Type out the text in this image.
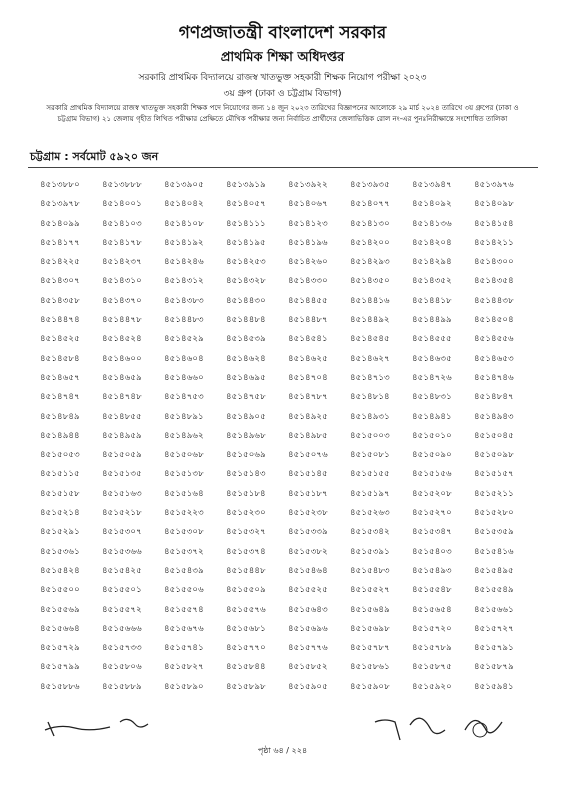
গণপ্রজাতন্ত্রী বাংলাদেশ সরকার
প্রাথমিক শিক্ষা অধিদপ্তর
সরকারি প্রাথমিক বিদ্যালয়ে রাজস্ব খাতভুক্ত সহকারী শিক্ষক নিয়োগ পরীক্ষা ২০২৩
৩য় গ্রুপ (ঢাকা ও চট্টগ্রাম বিভাগ)
সরকারি প্রাথমিক বিদ্যালয়ে রাজস্ব খাতভুক্ত সহকারী শিক্ষক পদে নিয়োগের জন্য ১৪ জুন ২০২৩ তারিখের বিজ্ঞাপনের আলোকে ২৯ মার্চ ২০২৪ তারিখে ৩য় গ্রুপের (ঢাকা ও চট্টগ্রাম বিভাগ) ২১ জেলায় গৃহীত লিখিত পরীক্ষার প্রেক্ষিতে মৌখিক পরীক্ষার জন্য নির্বাচিত প্রার্থীদের জেলাভিত্তিক রোল নং-এর পুনঃনিরীক্ষান্তে সংশোধিত তালিকা
চট্টগ্রাম : সর্বমোট ৫৯২০ জন
৪৫১৩৮৮০	৪৫১৩৮৮৮	৪৫১৩৯০৫	৪৫১৩৯১৯	৪৫১৩৯২২	৪৫১৩৯৩৫	৪৫১৩৯৪৭	৪৫১৩৯৭৬
৪৫১৩৯৭৮	৪৫১৪০০১	৪৫১৪০৪২	৪৫১৪০৫৭	৪৫১৪০৬৭	৪৫১৪০৭৭	৪৫১৪০৯২	৪৫১৪০৯৮
৪৫১৪০৯৯	৪৫১৪১০৩	৪৫১৪১০৮	৪৫১৪১১১	৪৫১৪১২৩	৪৫১৪১৩০	৪৫১৪১৩৬	৪৫১৪১৫৪
৪৫১৪১৭৭	৪৫১৪১৭৮	৪৫১৪১৯২	৪৫১৪১৯৫	৪৫১৪১৯৬	৪৫১৪২০০	৪৫১৪২০৪	৪৫১৪২১১
৪৫১৪২২৫	৪৫১৪২৩৭	৪৫১৪২৪৬	৪৫১৪২৫৩	৪৫১৪২৬০	৪৫১৪২৯৩	৪৫১৪২৯৪	৪৫১৪৩০০
৪৫১৪৩০৭	৪৫১৪৩১০	৪৫১৪৩১২	৪৫১৪৩২৮	৪৫১৪৩৩০	৪৫১৪৩৫০	৪৫১৪৩৫২	৪৫১৪৩৫৪
৪৫১৪৩৫৮	৪৫১৪৩৭০	৪৫১৪৩৮৩	৪৫১৪৪৩০	৪৫১৪৪৫৫	৪৫১৪৪১৬	৪৫১৪৪১৮	৪৫১৪৪৩৮
৪৫১৪৪৭৪	৪৫১৪৪৭৮	৪৫১৪৪৮৩	৪৫১৪৪৮৪	৪৫১৪৪৮৭	৪৫১৪৪৯২	৪৫১৪৪৯৯	৪৫১৪৫০৪
৪৫১৪৫২৫	৪৫১৪৫২৪	৪৫১৪৫২৯	৪৫১৪৫৩৯	৪৫১৪৫৪১	৪৫১৪৫৪৫	৪৫১৪৫৫৫	৪৫১৪৫৫৬
৪৫১৪৫৮৪	৪৫১৪৬০০	৪৫১৪৬০৪	৪৫১৪৬২৪	৪৫১৪৬২৫	৪৫১৪৬২৭	৪৫১৪৬৩৫	৪৫১৪৬৫৩
৪৫১৪৬৫৭	৪৫১৪৬৫৯	৪৫১৪৬৬০	৪৫১৪৬৯৫	৪৫১৪৭০৪	৪৫১৪৭১৩	৪৫১৪৭২৬	৪৫১৪৭৪৬
৪৫১৪৭৪৭	৪৫১৪৭৪৮	৪৫১৪৭৫৩	৪৫১৪৭৫৮	৪৫১৪৭৮৭	৪৫১৪৮১৪	৪৫১৪৮৩১	৪৫১৪৮৪৭
৪৫১৪৮৪৯	৪৫১৪৮৫৫	৪৫১৪৮৯১	৪৫১৪৯০৫	৪৫১৪৯২৫	৪৫১৪৯৩১	৪৫১৪৯৪১	৪৫১৪৯৪৩
৪৫১৪৯৪৪	৪৫১৪৯৫৯	৪৫১৪৯৬২	৪৫১৪৯৬৮	৪৫১৪৯৮৫	৪৫১৫০০৩	৪৫১৫০১০	৪৫১৫০৪৫
৪৫১৫০৫৩	৪৫১৫০৫৯	৪৫১৫০৬৮	৪৫১৫০৬৯	৪৫১৫০৭৬	৪৫১৫০৮১	৪৫১৫০৯০	৪৫১৫০৯৮
৪৫১৫১১৫	৪৫১৫১৩৫	৪৫১৫১৩৮	৪৫১৫১৪৩	৪৫১৫১৪৫	৪৫১৫১৫৫	৪৫১৫১৫৬	৪৫১৫১৫৭
৪৫১৫১৫৮	৪৫১৫১৬৩	৪৫১৫১৬৪	৪৫১৫১৮৪	৪৫১৫১৮৭	৪৫১৫১৯৭	৪৫১৫২০৮	৪৫১৫২১১
৪৫১৫২১৪	৪৫১৫২১৮	৪৫১৫২২৩	৪৫১৫২৩০	৪৫১৫২৩৮	৪৫১৫২৬৩	৪৫১৫২৭০	৪৫১৫২৮০
৪৫১৫২৯১	৪৫১৫৩০৭	৪৫১৫৩০৮	৪৫১৫৩২৭	৪৫১৫৩৩৯	৪৫১৫৩৪২	৪৫১৫৩৪৭	৪৫১৫৩৫৯
৪৫১৫৩৬১	৪৫১৫৩৬৬	৪৫১৫৩৭২	৪৫১৫৩৭৪	৪৫১৫৩৮২	৪৫১৫৩৯১	৪৫১৫৪০৩	৪৫১৫৪১৬
৪৫১৫৪২৪	৪৫১৫৪২৫	৪৫১৫৪৩৯	৪৫১৫৪৪৮	৪৫১৫৪৬৪	৪৫১৫৪৮৩	৪৫১৫৪৯৩	৪৫১৫৪৯৫
৪৫১৫৫০০	৪৫১৫৫০১	৪৫১৫৫০৬	৪৫১৫৫০৯	৪৫১৫৫২৫	৪৫১৫৫২৭	৪৫১৫৫৪৮	৪৫১৫৫৪৯
৪৫১৫৫৬৯	৪৫১৫৫৭২	৪৫১৫৫৭৪	৪৫১৫৫৭৬	৪৫১৫৬৪৩	৪৫১৫৬৪৯	৪৫১৫৬৫৪	৪৫১৫৬৬১
৪৫১৫৬৬৪	৪৫১৫৬৬৬	৪৫১৫৬৭৬	৪৫১৫৬৮১	৪৫১৫৬৯৬	৪৫১৫৬৯৮	৪৫১৫৭২০	৪৫১৫৭২৭
৪৫১৫৭২৯	৪৫১৫৭৩৩	৪৫১৫৭৪১	৪৫১৫৭৭০	৪৫১৫৭৭৬	৪৫১৫৭৮৭	৪৫১৫৭৮৯	৪৫১৫৭৯১
৪৫১৫৭৯৯	৪৫১৫৮০৬	৪৫১৫৮২৭	৪৫১৫৮৪৪	৪৫১৫৮৫২	৪৫১৫৮৬১	৪৫১৫৮৭৫	৪৫১৫৮৭৯
৪৫১৫৮৮৬	৪৫১৫৮৮৯	৪৫১৫৮৯০	৪৫১৫৮৯৮	৪৫১৫৯০৫	৪৫১৫৯০৮	৪৫১৫৯২০	৪৫১৫৯৪১
পৃষ্ঠা ৬৪ / ২২৪
